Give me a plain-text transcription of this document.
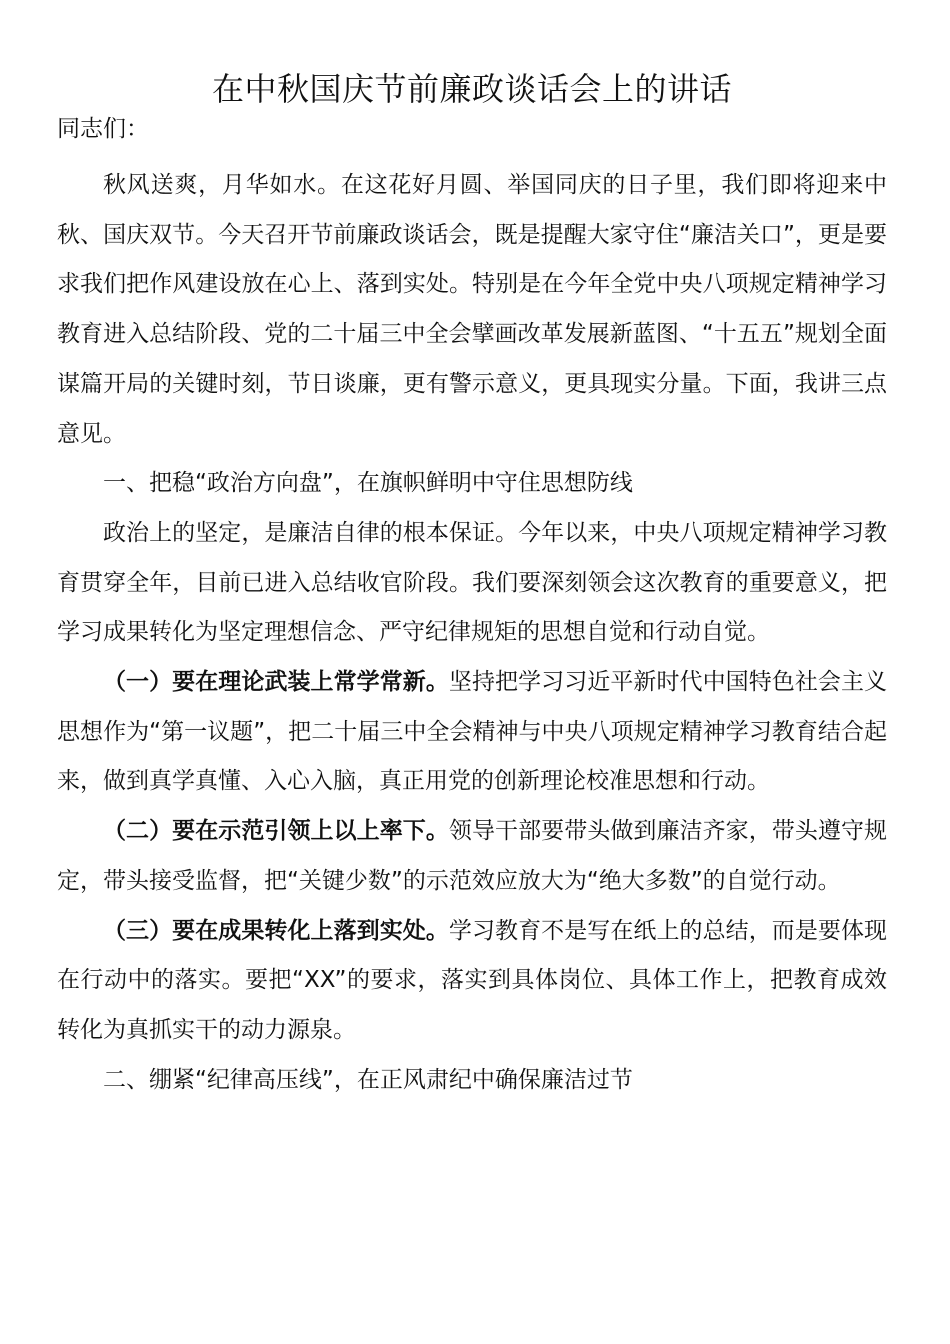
在中秋国庆节前廉政谈话会上的讲话

同志们：

秋风送爽，月华如水。在这花好月圆、举国同庆的日子里，我们即将迎来中秋、国庆双节。今天召开节前廉政谈话会，既是提醒大家守住“廉洁关口”，更是要求我们把作风建设放在心上、落到实处。特别是在今年全党中央八项规定精神学习教育进入总结阶段、党的二十届三中全会擘画改革发展新蓝图、“十五五”规划全面谋篇开局的关键时刻，节日谈廉，更有警示意义，更具现实分量。下面，我讲三点意见。

一、把稳“政治方向盘”，在旗帜鲜明中守住思想防线

政治上的坚定，是廉洁自律的根本保证。今年以来，中央八项规定精神学习教育贯穿全年，目前已进入总结收官阶段。我们要深刻领会这次教育的重要意义，把学习成果转化为坚定理想信念、严守纪律规矩的思想自觉和行动自觉。

（一）要在理论武装上常学常新。坚持把学习习近平新时代中国特色社会主义思想作为“第一议题”，把二十届三中全会精神与中央八项规定精神学习教育结合起来，做到真学真懂、入心入脑，真正用党的创新理论校准思想和行动。

（二）要在示范引领上以上率下。领导干部要带头做到廉洁齐家，带头遵守规定，带头接受监督，把“关键少数”的示范效应放大为“绝大多数”的自觉行动。

（三）要在成果转化上落到实处。学习教育不是写在纸上的总结，而是要体现在行动中的落实。要把“XX”的要求，落实到具体岗位、具体工作上，把教育成效转化为真抓实干的动力源泉。

二、绷紧“纪律高压线”，在正风肃纪中确保廉洁过节
